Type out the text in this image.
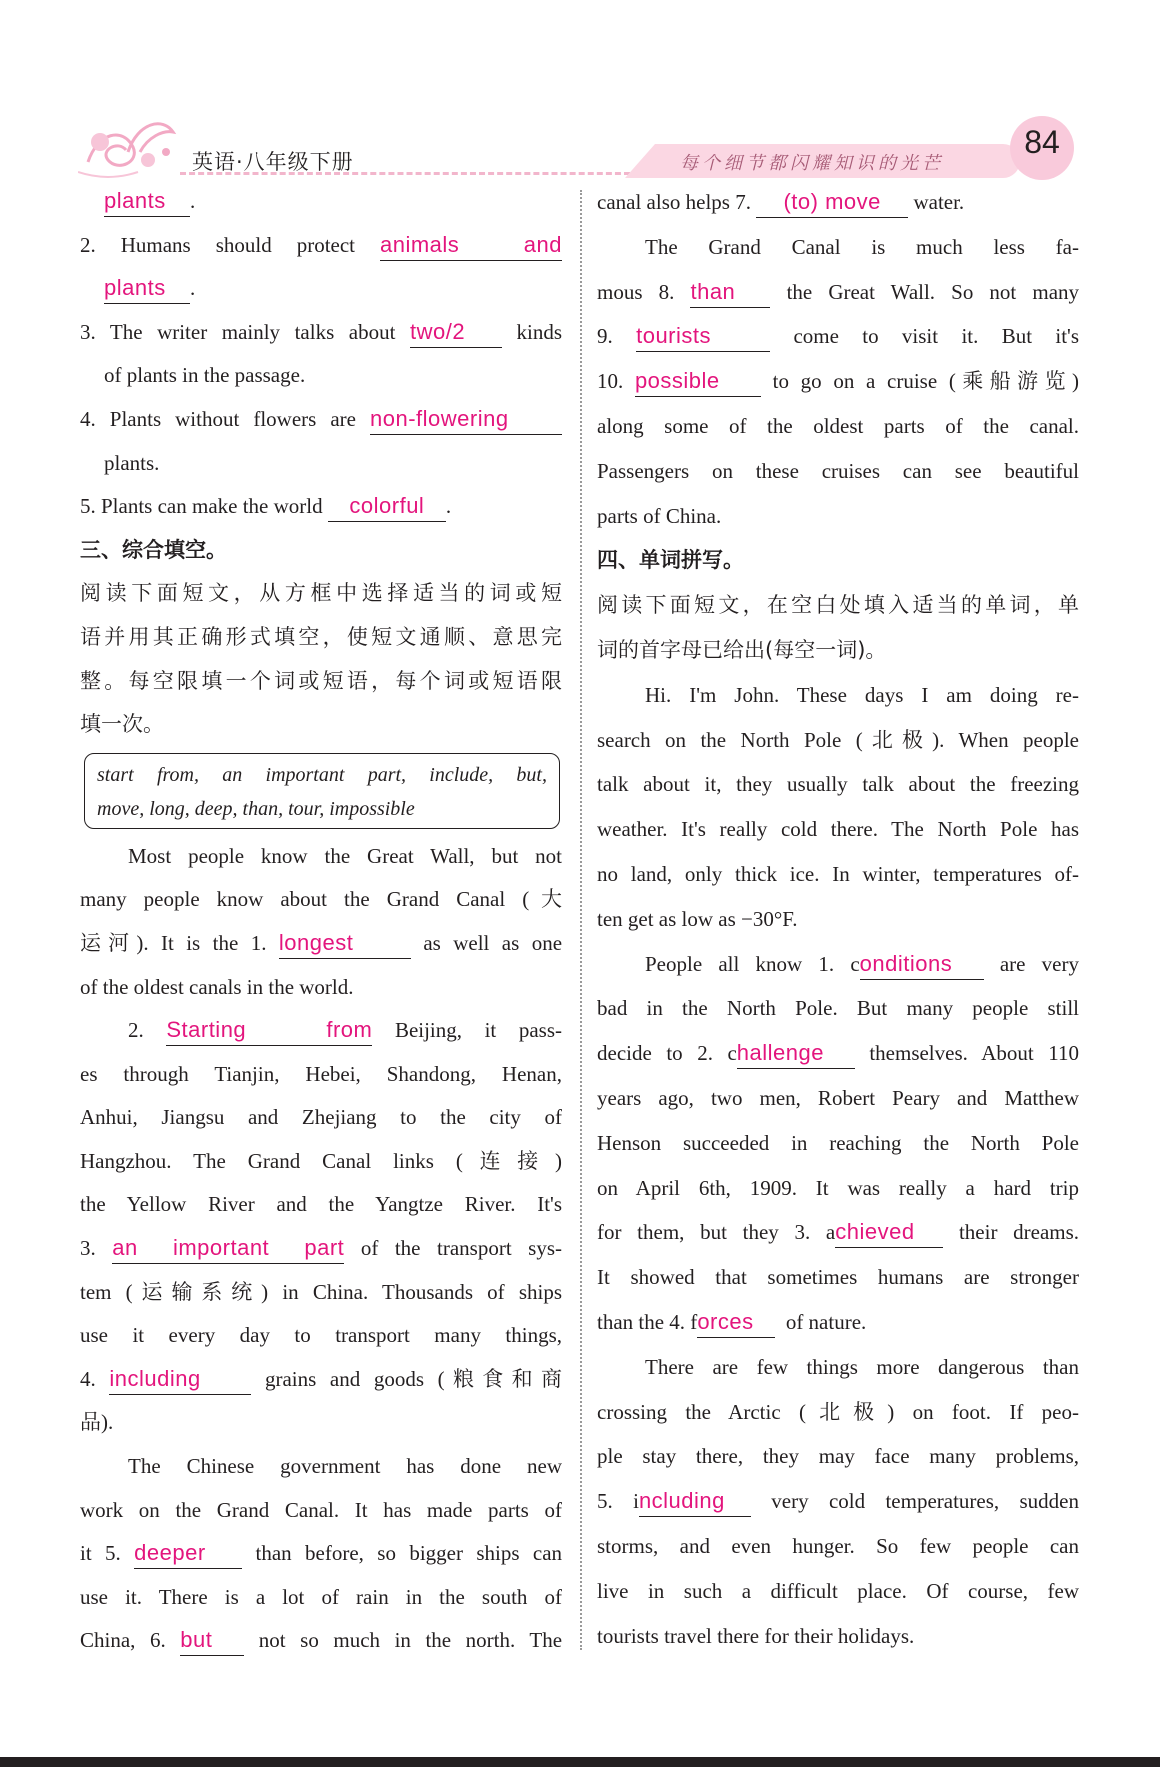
英语·八年级下册	每个细节都闪耀知识的光芒
84
plants .
2. Humans should protect animals and
plants .
3. The writer mainly talks about two/2 kinds
of plants in the passage.
4. Plants without flowers are non-flowering
plants.
5. Plants can make the world colorful .
三、综合填空。
阅读下面短文，从方框中选择适当的词或短
语并用其正确形式填空，使短文通顺、意思完
整。每空限填一个词或短语，每个词或短语限
填一次。
start from, an important part, include, but,
move, long, deep, than, tour, impossible
Most people know the Great Wall, but not
many people know about the Grand Canal (大
运河). It is the 1. longest	as well as one
of the oldest canals in the world.
2. Starting from Beijing, it pass-
es through Tianjin, Hebei, Shandong, Henan,
Anhui, Jiangsu and Zhejiang to the city of
Hangzhou. The Grand Canal links (连接)
the Yellow River and the Yangtze River. It's
3. an important part of the transport sys-
tem (运输系统) in China. Thousands of ships
use it every day to transport many things,
4. including	grains and goods (粮食和商
品).
The Chinese government has done new
work on the Grand Canal. It has made parts of
it 5. deeper than before, so bigger ships can
use it. There is a lot of rain in the south of
China, 6. but not so much in the north. The
canal also helps 7. (to) move water.
The Grand Canal is much less fa-
mous 8. than the Great Wall. So not many
9. tourists	come to visit it. But it's
10. possible	to go on a cruise (乘船游览)
along some of the oldest parts of the canal.
Passengers on these cruises can see beautiful
parts of China.
四、单词拼写。
阅读下面短文，在空白处填入适当的单词，单
词的首字母已给出(每空一词)。
Hi. I'm John. These days I am doing re-
search on the North Pole (北极). When people
talk about it, they usually talk about the freezing
weather. It's really cold there. The North Pole has
no land, only thick ice. In winter, temperatures of-
ten get as low as −30°F.
People all know 1. conditions are very
bad in the North Pole. But many people still
decide to 2. challenge themselves. About 110
years ago, two men, Robert Peary and Matthew
Henson succeeded in reaching the North Pole
on April 6th, 1909. It was really a hard trip
for them, but they 3. achieved their dreams.
It showed that sometimes humans are stronger
than the 4. forces of nature.
There are few things more dangerous than
crossing the Arctic (北极) on foot. If peo-
ple stay there, they may face many problems,
5. including very cold temperatures, sudden
storms, and even hunger. So few people can
live in such a difficult place. Of course, few
tourists travel there for their holidays.
